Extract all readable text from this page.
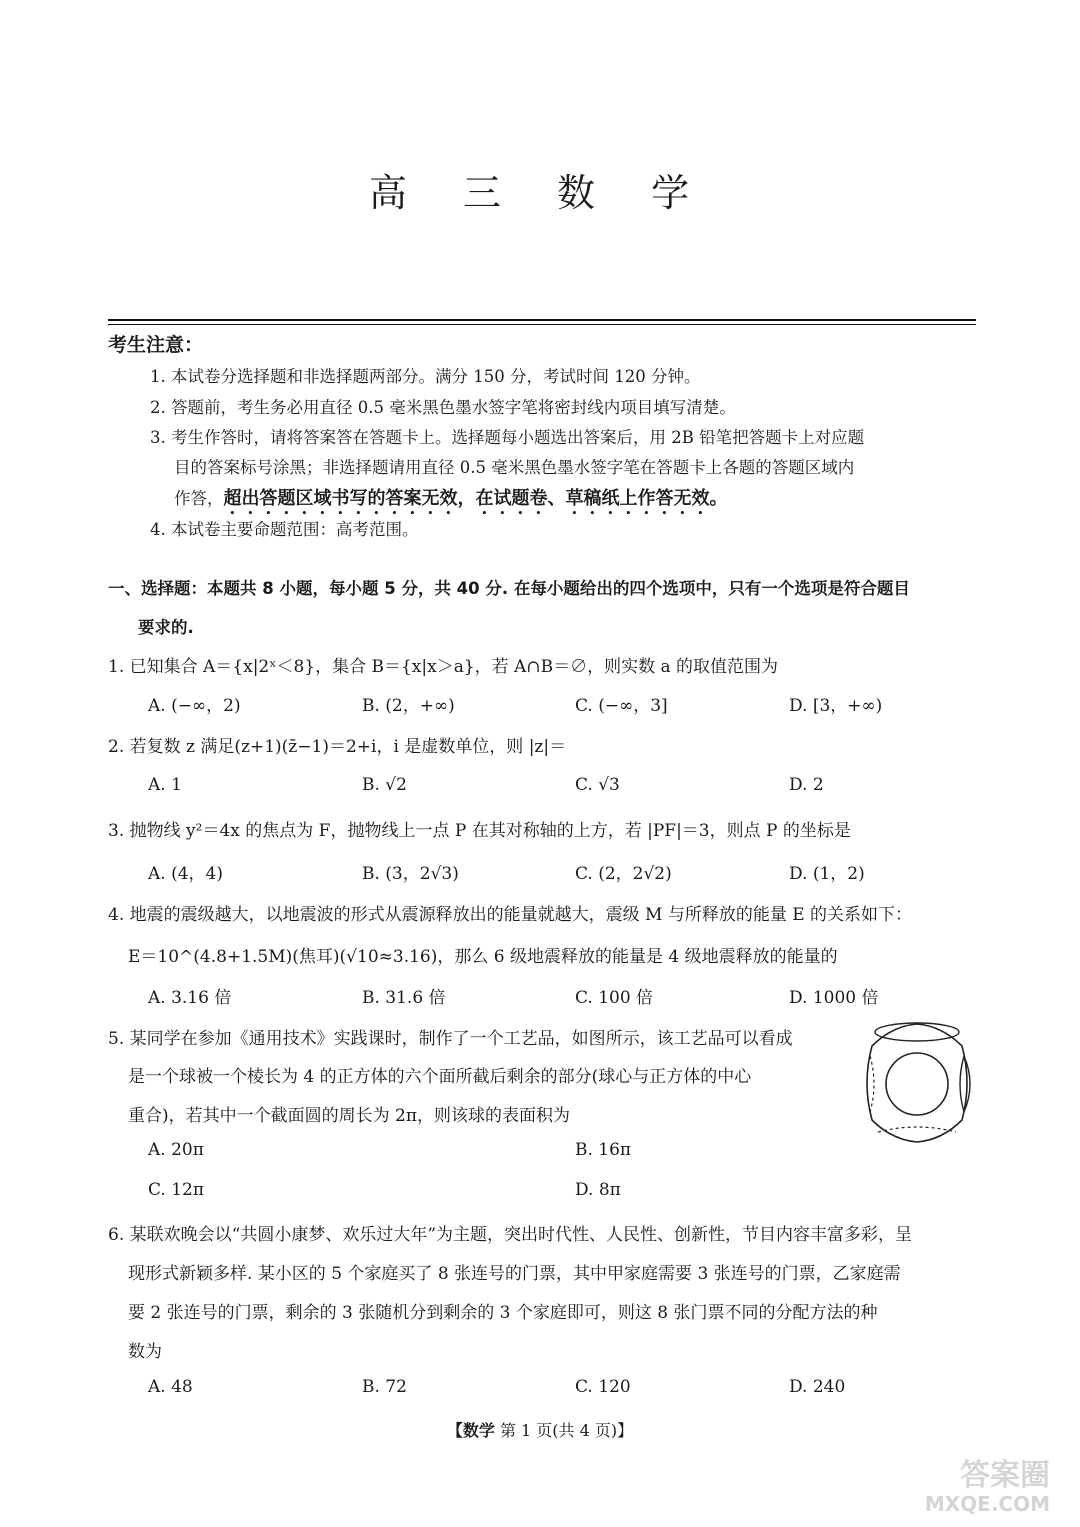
高 三 数 学
考生注意：
1. 本试卷分选择题和非选择题两部分。满分 150 分，考试时间 120 分钟。
2. 答题前，考生务必用直径 0.5 毫米黑色墨水签字笔将密封线内项目填写清楚。
3. 考生作答时，请将答案答在答题卡上。选择题每小题选出答案后，用 2B 铅笔把答题卡上对应题
目的答案标号涂黑；非选择题请用直径 0.5 毫米黑色墨水签字笔在答题卡上各题的答题区域内
作答，超出答题区域书写的答案无效，在试题卷、草稿纸上作答无效。
4. 本试卷主要命题范围：高考范围。
一、选择题：本题共 8 小题，每小题 5 分，共 40 分. 在每小题给出的四个选项中，只有一个选项是符合题目
要求的.
1. 已知集合 A＝{x|2ˣ＜8}，集合 B＝{x|x＞a}，若 A∩B＝∅，则实数 a 的取值范围为
A. (−∞，2)	B. (2，+∞)	C. (−∞，3]	D. [3，+∞)
2. 若复数 z 满足(z+1)(z̄−1)＝2+i，i 是虚数单位，则 |z|＝
A. 1	B. √2	C. √3	D. 2
3. 抛物线 y²＝4x 的焦点为 F，抛物线上一点 P 在其对称轴的上方，若 |PF|＝3，则点 P 的坐标是
A. (4，4)	B. (3，2√3)	C. (2，2√2)	D. (1，2)
4. 地震的震级越大，以地震波的形式从震源释放出的能量就越大，震级 M 与所释放的能量 E 的关系如下：
E＝10^(4.8+1.5M)(焦耳)(√10≈3.16)，那么 6 级地震释放的能量是 4 级地震释放的能量的
A. 3.16 倍	B. 31.6 倍	C. 100 倍	D. 1000 倍
5. 某同学在参加《通用技术》实践课时，制作了一个工艺品，如图所示，该工艺品可以看成
是一个球被一个棱长为 4 的正方体的六个面所截后剩余的部分(球心与正方体的中心
重合)，若其中一个截面圆的周长为 2π，则该球的表面积为
A. 20π	B. 16π
C. 12π	D. 8π
6. 某联欢晚会以“共圆小康梦、欢乐过大年”为主题，突出时代性、人民性、创新性，节目内容丰富多彩，呈
现形式新颖多样. 某小区的 5 个家庭买了 8 张连号的门票，其中甲家庭需要 3 张连号的门票，乙家庭需
要 2 张连号的门票，剩余的 3 张随机分到剩余的 3 个家庭即可，则这 8 张门票不同的分配方法的种
数为
A. 48	B. 72	C. 120	D. 240
【数学 第 1 页(共 4 页)】
答案圈
MXQE.COM
